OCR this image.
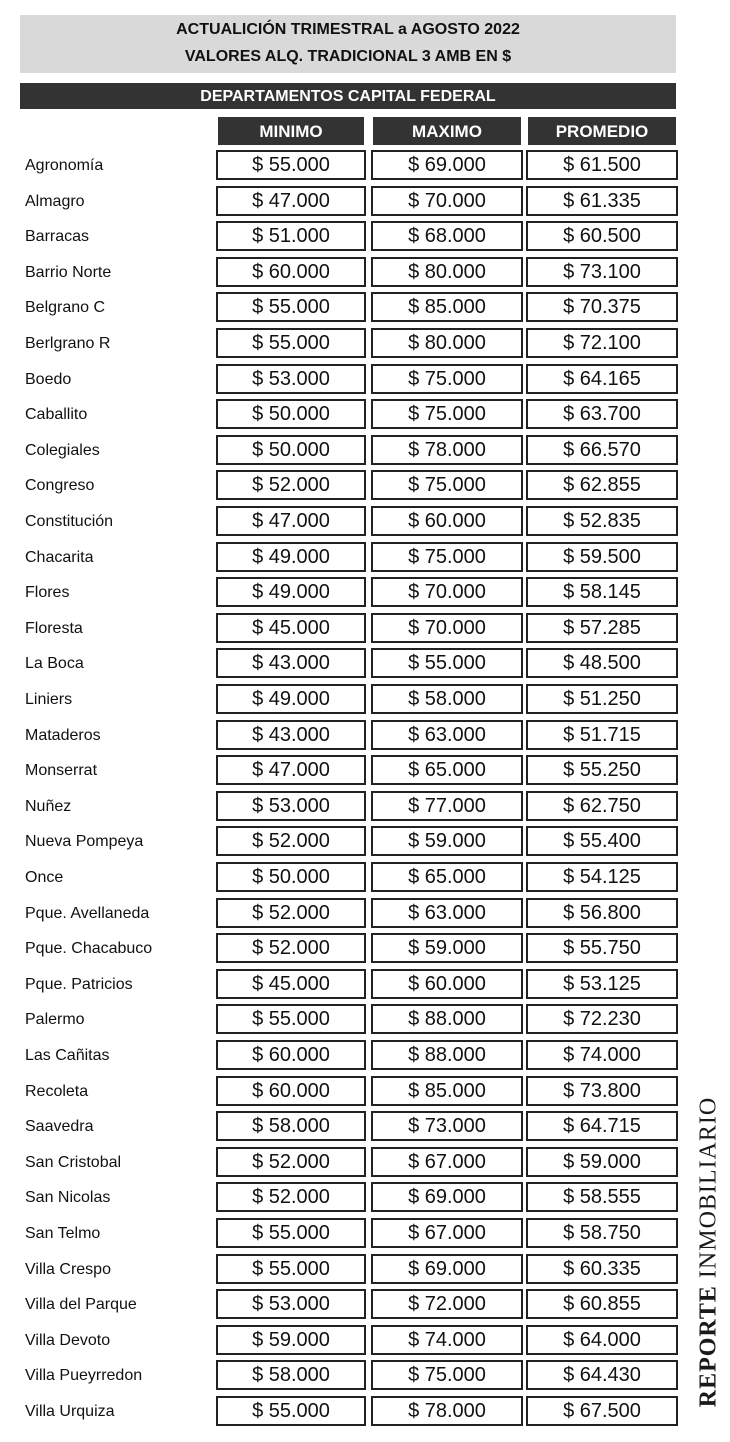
ACTUALICIÓN TRIMESTRAL a AGOSTO 2022
VALORES ALQ. TRADICIONAL 3 AMB EN $
DEPARTAMENTOS CAPITAL FEDERAL
MINIMO	MAXIMO	PROMEDIO
Agronomía	$ 55.000	$ 69.000	$ 61.500
Almagro	$ 47.000	$ 70.000	$ 61.335
Barracas	$ 51.000	$ 68.000	$ 60.500
Barrio Norte	$ 60.000	$ 80.000	$ 73.100
Belgrano C	$ 55.000	$ 85.000	$ 70.375
Berlgrano R	$ 55.000	$ 80.000	$ 72.100
Boedo	$ 53.000	$ 75.000	$ 64.165
Caballito	$ 50.000	$ 75.000	$ 63.700
Colegiales	$ 50.000	$ 78.000	$ 66.570
Congreso	$ 52.000	$ 75.000	$ 62.855
Constitución	$ 47.000	$ 60.000	$ 52.835
Chacarita	$ 49.000	$ 75.000	$ 59.500
Flores	$ 49.000	$ 70.000	$ 58.145
Floresta	$ 45.000	$ 70.000	$ 57.285
La Boca	$ 43.000	$ 55.000	$ 48.500
Liniers	$ 49.000	$ 58.000	$ 51.250
Mataderos	$ 43.000	$ 63.000	$ 51.715
Monserrat	$ 47.000	$ 65.000	$ 55.250
Nuñez	$ 53.000	$ 77.000	$ 62.750
Nueva Pompeya	$ 52.000	$ 59.000	$ 55.400
Once	$ 50.000	$ 65.000	$ 54.125
Pque. Avellaneda	$ 52.000	$ 63.000	$ 56.800
Pque. Chacabuco	$ 52.000	$ 59.000	$ 55.750
Pque. Patricios	$ 45.000	$ 60.000	$ 53.125
Palermo	$ 55.000	$ 88.000	$ 72.230
Las Cañitas	$ 60.000	$ 88.000	$ 74.000
Recoleta	$ 60.000	$ 85.000	$ 73.800
Saavedra	$ 58.000	$ 73.000	$ 64.715
San Cristobal	$ 52.000	$ 67.000	$ 59.000
San Nicolas	$ 52.000	$ 69.000	$ 58.555
San Telmo	$ 55.000	$ 67.000	$ 58.750
Villa Crespo	$ 55.000	$ 69.000	$ 60.335
Villa del Parque	$ 53.000	$ 72.000	$ 60.855
Villa Devoto	$ 59.000	$ 74.000	$ 64.000
Villa Pueyrredon	$ 58.000	$ 75.000	$ 64.430
Villa Urquiza	$ 55.000	$ 78.000	$ 67.500
REPORTE INMOBILIARIO
